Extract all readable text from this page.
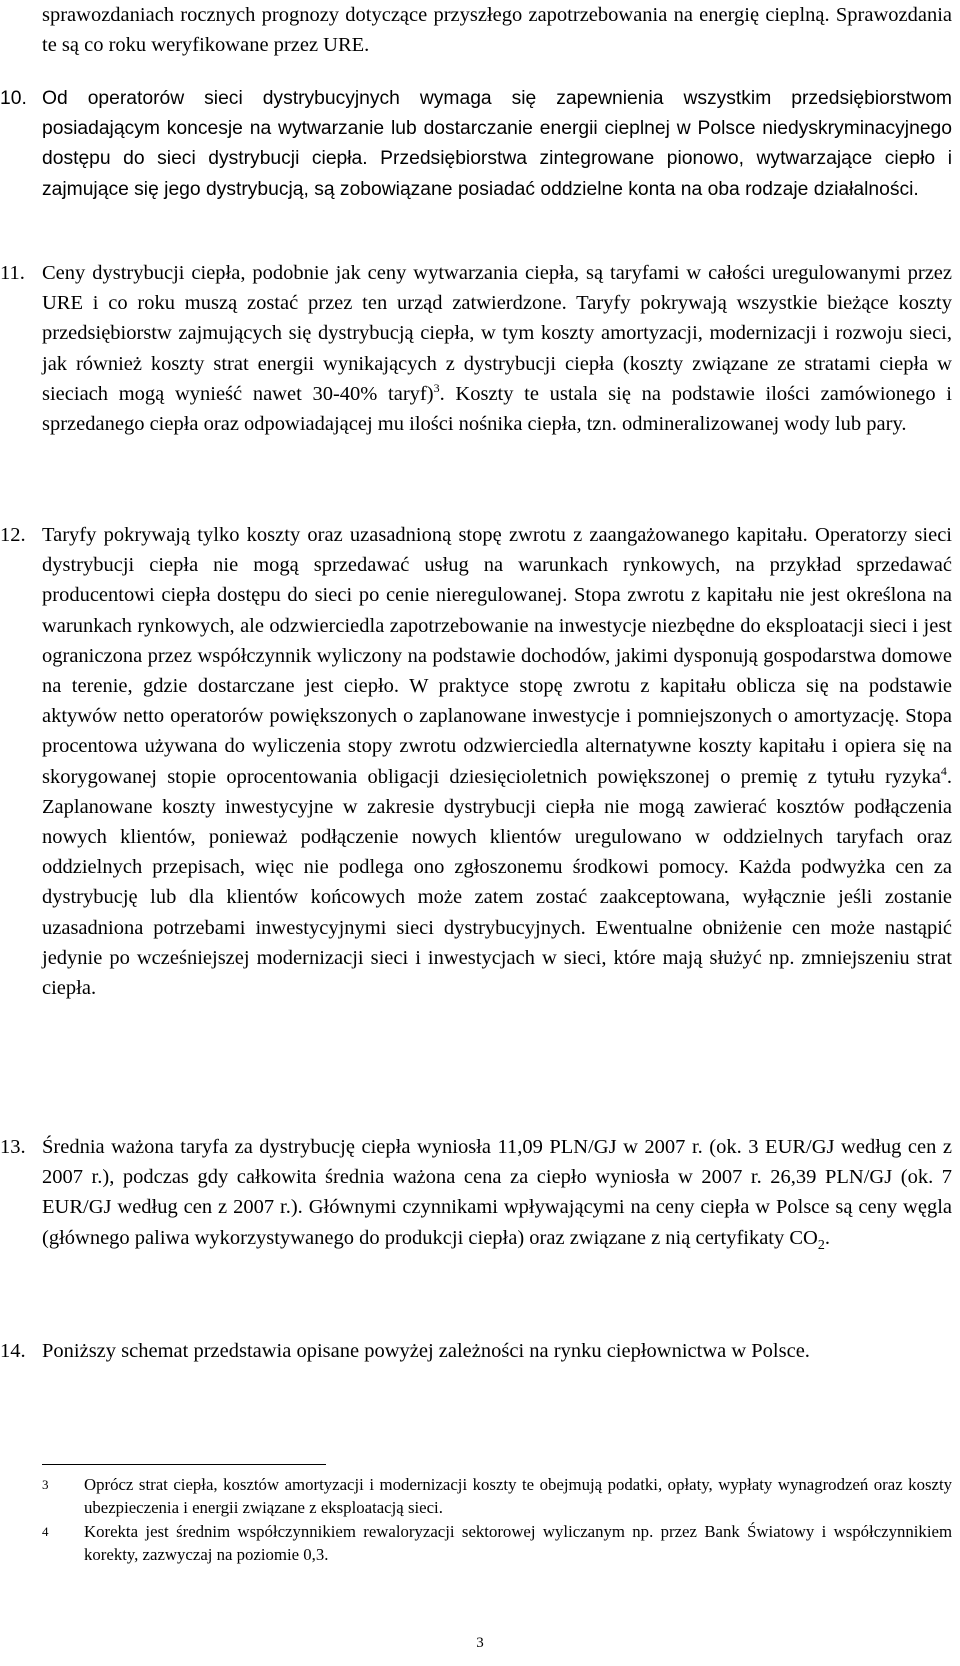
sprawozdaniach rocznych prognozy dotyczące przyszłego zapotrzebowania na energię cieplną. Sprawozdania te są co roku weryfikowane przez URE.

10. Od operatorów sieci dystrybucyjnych wymaga się zapewnienia wszystkim przedsiębiorstwom posiadającym koncesje na wytwarzanie lub dostarczanie energii cieplnej w Polsce niedyskryminacyjnego dostępu do sieci dystrybucji ciepła. Przedsiębiorstwa zintegrowane pionowo, wytwarzające ciepło i zajmujące się jego dystrybucją, są zobowiązane posiadać oddzielne konta na oba rodzaje działalności.

11. Ceny dystrybucji ciepła, podobnie jak ceny wytwarzania ciepła, są taryfami w całości uregulowanymi przez URE i co roku muszą zostać przez ten urząd zatwierdzone. Taryfy pokrywają wszystkie bieżące koszty przedsiębiorstw zajmujących się dystrybucją ciepła, w tym koszty amortyzacji, modernizacji i rozwoju sieci, jak również koszty strat energii wynikających z dystrybucji ciepła (koszty związane ze stratami ciepła w sieciach mogą wynieść nawet 30-40% taryf)$^3$. Koszty te ustala się na podstawie ilości zamówionego i sprzedanego ciepła oraz odpowiadającej mu ilości nośnika ciepła, tzn. odmineralizowanej wody lub pary.

12. Taryfy pokrywają tylko koszty oraz uzasadnioną stopę zwrotu z zaangażowanego kapitału. Operatorzy sieci dystrybucji ciepła nie mogą sprzedawać usług na warunkach rynkowych, na przykład sprzedawać producentowi ciepła dostępu do sieci po cenie nieregulowanej. Stopa zwrotu z kapitału nie jest określona na warunkach rynkowych, ale odzwierciedla zapotrzebowanie na inwestycje niezbędne do eksploatacji sieci i jest ograniczona przez współczynnik wyliczony na podstawie dochodów, jakimi dysponują gospodarstwa domowe na terenie, gdzie dostarczane jest ciepło. W praktyce stopę zwrotu z kapitału oblicza się na podstawie aktywów netto operatorów powiększonych o zaplanowane inwestycje i pomniejszonych o amortyzację. Stopa procentowa używana do wyliczenia stopy zwrotu odzwierciedla alternatywne koszty kapitału i opiera się na skorygowanej stopie oprocentowania obligacji dziesięcioletnich powiększonej o premię z tytułu ryzyka$^4$. Zaplanowane koszty inwestycyjne w zakresie dystrybucji ciepła nie mogą zawierać kosztów podłączenia nowych klientów, ponieważ podłączenie nowych klientów uregulowano w oddzielnych taryfach oraz oddzielnych przepisach, więc nie podlega ono zgłoszonemu środkowi pomocy. Każda podwyżka cen za dystrybucję lub dla klientów końcowych może zatem zostać zaakceptowana, wyłącznie jeśli zostanie uzasadniona potrzebami inwestycyjnymi sieci dystrybucyjnych. Ewentualne obniżenie cen może nastąpić jedynie po wcześniejszej modernizacji sieci i inwestycjach w sieci, które mają służyć np. zmniejszeniu strat ciepła.

13. Średnia ważona taryfa za dystrybucję ciepła wyniosła 11,09 PLN/GJ w 2007 r. (ok. 3 EUR/GJ według cen z 2007 r.), podczas gdy całkowita średnia ważona cena za ciepło wyniosła w 2007 r. 26,39 PLN/GJ (ok. 7 EUR/GJ według cen z 2007 r.). Głównymi czynnikami wpływającymi na ceny ciepła w Polsce są ceny węgla (głównego paliwa wykorzystywanego do produkcji ciepła) oraz związane z nią certyfikaty $CO_2$.

14. Poniższy schemat przedstawia opisane powyżej zależności na rynku ciepłownictwa w Polsce.

3 Oprócz strat ciepła, kosztów amortyzacji i modernizacji koszty te obejmują podatki, opłaty, wypłaty wynagrodzeń oraz koszty ubezpieczenia i energii związane z eksploatacją sieci.
4 Korekta jest średnim współczynnikiem rewaloryzacji sektorowej wyliczanym np. przez Bank Światowy i współczynnikiem korekty, zazwyczaj na poziomie 0,3.
3
